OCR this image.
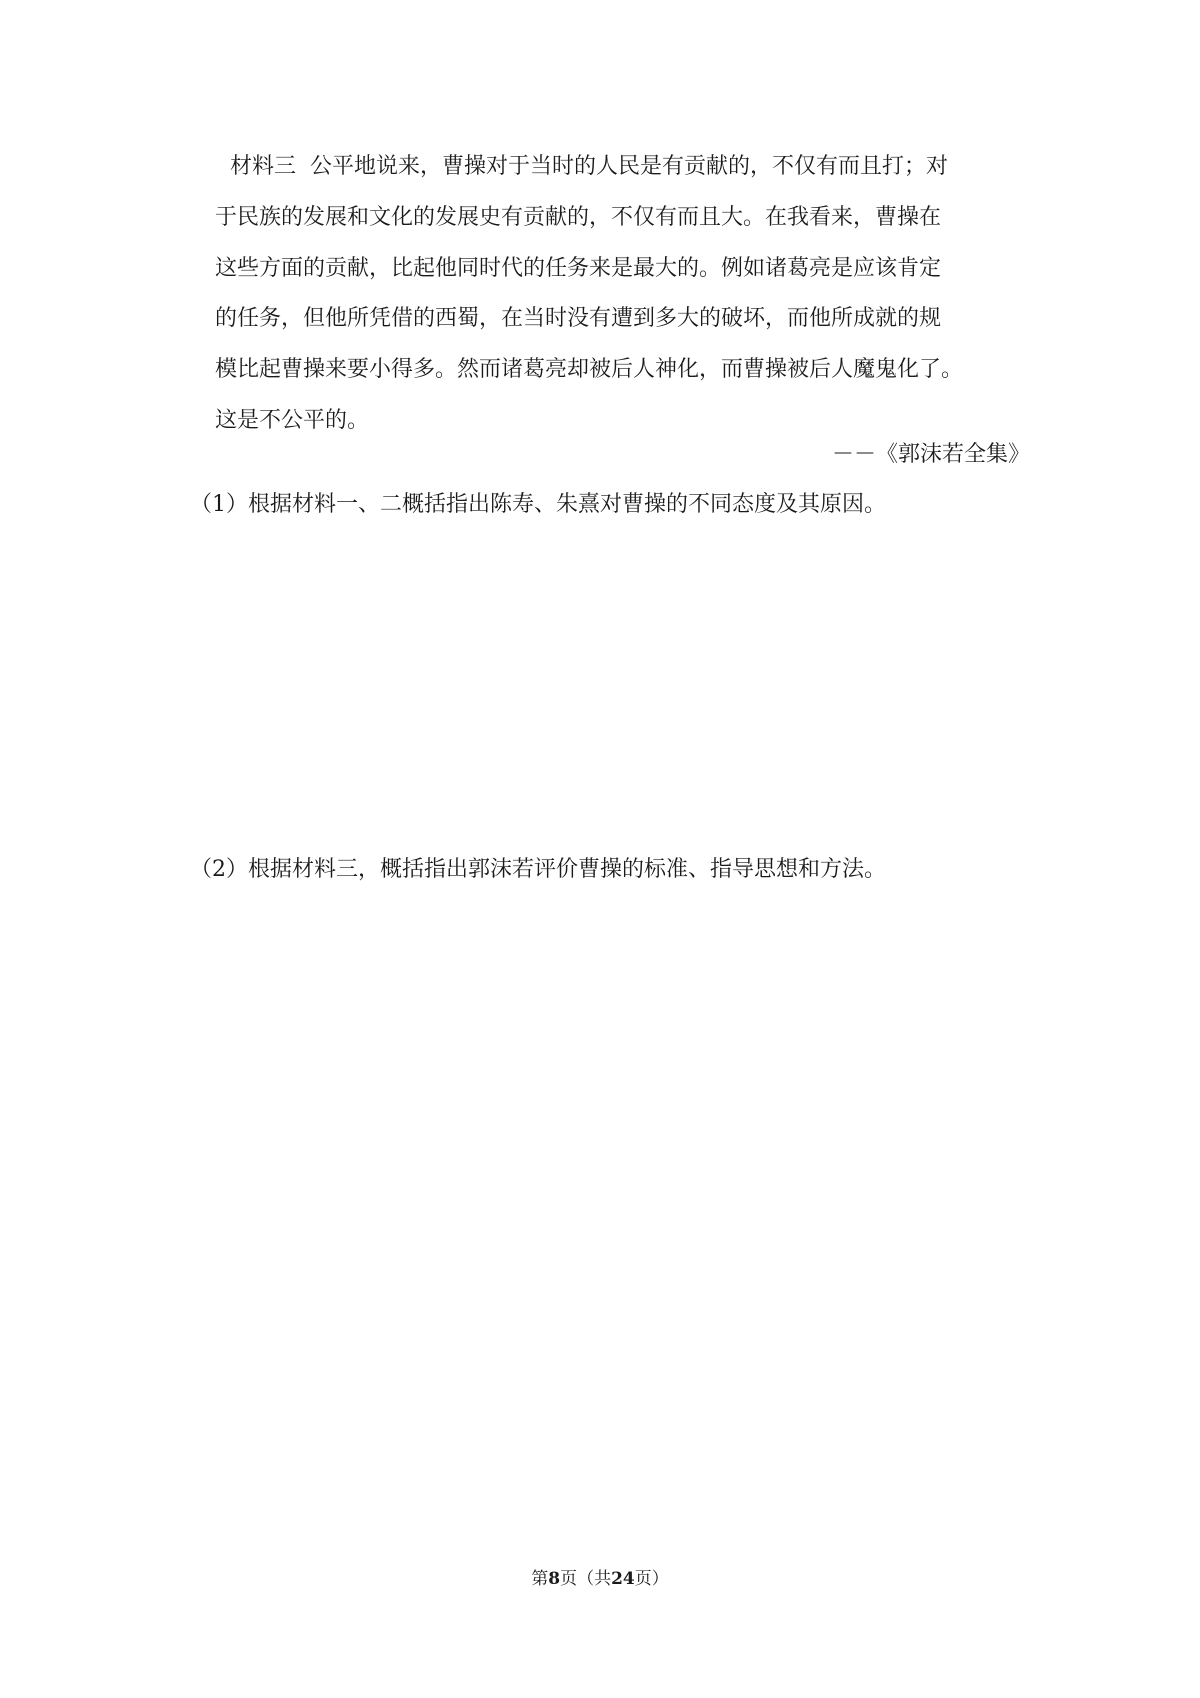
材料三 公平地说来，曹操对于当时的人民是有贡献的，不仅有而且打；对
于民族的发展和文化的发展史有贡献的，不仅有而且大。在我看来，曹操在
这些方面的贡献，比起他同时代的任务来是最大的。例如诸葛亮是应该肯定
的任务，但他所凭借的西蜀，在当时没有遭到多大的破坏，而他所成就的规
模比起曹操来要小得多。然而诸葛亮却被后人神化，而曹操被后人魔鬼化了。
这是不公平的。
－－《郭沫若全集》
（1）根据材料一、二概括指出陈寿、朱熹对曹操的不同态度及其原因。
（2）根据材料三，概括指出郭沫若评价曹操的标准、指导思想和方法。
第8页（共24页）
